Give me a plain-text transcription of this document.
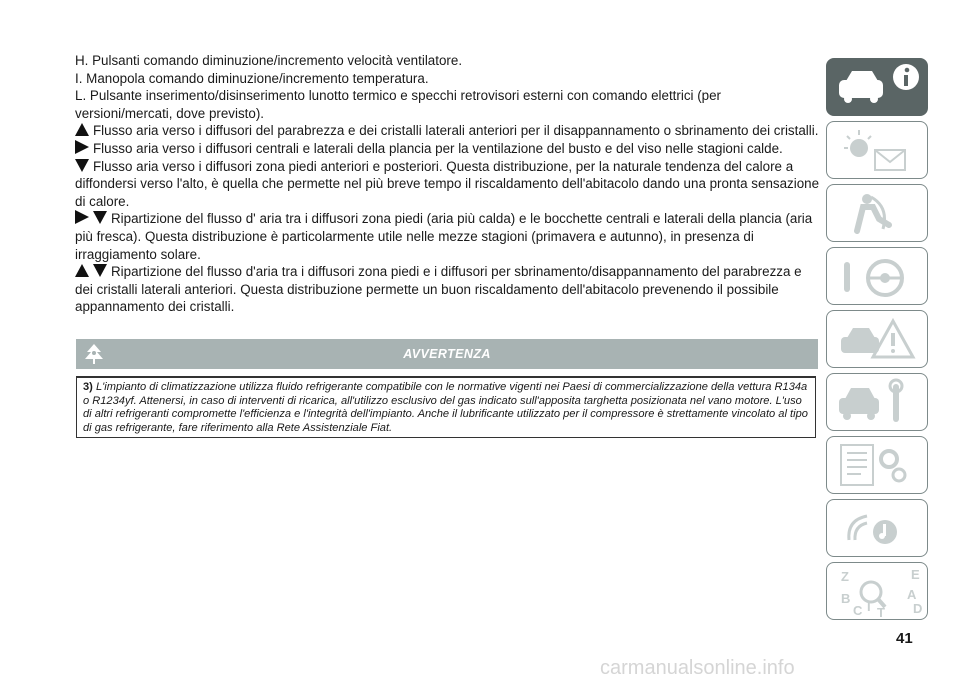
H. Pulsanti comando diminuzione/incremento velocità ventilatore.

I. Manopola comando diminuzione/incremento temperatura.

L. Pulsante inserimento/disinserimento lunotto termico e specchi retrovisori esterni con comando elettrici (per versioni/mercati, dove previsto).

Flusso aria verso i diffusori del parabrezza e dei cristalli laterali anteriori per il disappannamento o sbrinamento dei cristalli.

Flusso aria verso i diffusori centrali e laterali della plancia per la ventilazione del busto e del viso nelle stagioni calde.

Flusso aria verso i diffusori zona piedi anteriori e posteriori. Questa distribuzione, per la naturale tendenza del calore a diffondersi verso l'alto, è quella che permette nel più breve tempo il riscaldamento dell'abitacolo dando una pronta sensazione di calore.

Ripartizione del flusso d' aria tra i diffusori zona piedi (aria più calda) e le bocchette centrali e laterali della plancia (aria più fresca). Questa distribuzione è particolarmente utile nelle mezze stagioni (primavera e autunno), in presenza di irraggiamento solare.

Ripartizione del flusso d'aria tra i diffusori zona piedi e i diffusori per sbrinamento/disappannamento del parabrezza e dei cristalli laterali anteriori. Questa distribuzione permette un buon riscaldamento dell'abitacolo prevenendo il possibile appannamento dei cristalli.

AVVERTENZA
3) L'impianto di climatizzazione utilizza fluido refrigerante compatibile con le normative vigenti nei Paesi di commercializzazione della vettura R134a o R1234yf. Attenersi, in caso di interventi di ricarica, all'utilizzo esclusivo del gas indicato sull'apposita targhetta posizionata nel vano motore. L'uso di altri refrigeranti compromette l'efficienza e l'integrità dell'impianto. Anche il lubrificante utilizzato per il compressore è strettamente vincolato al tipo di gas refrigerante, fare riferimento alla Rete Assistenziale Fiat.
Z	E
B	A
C T D
I
41
carmanualsonline.info
